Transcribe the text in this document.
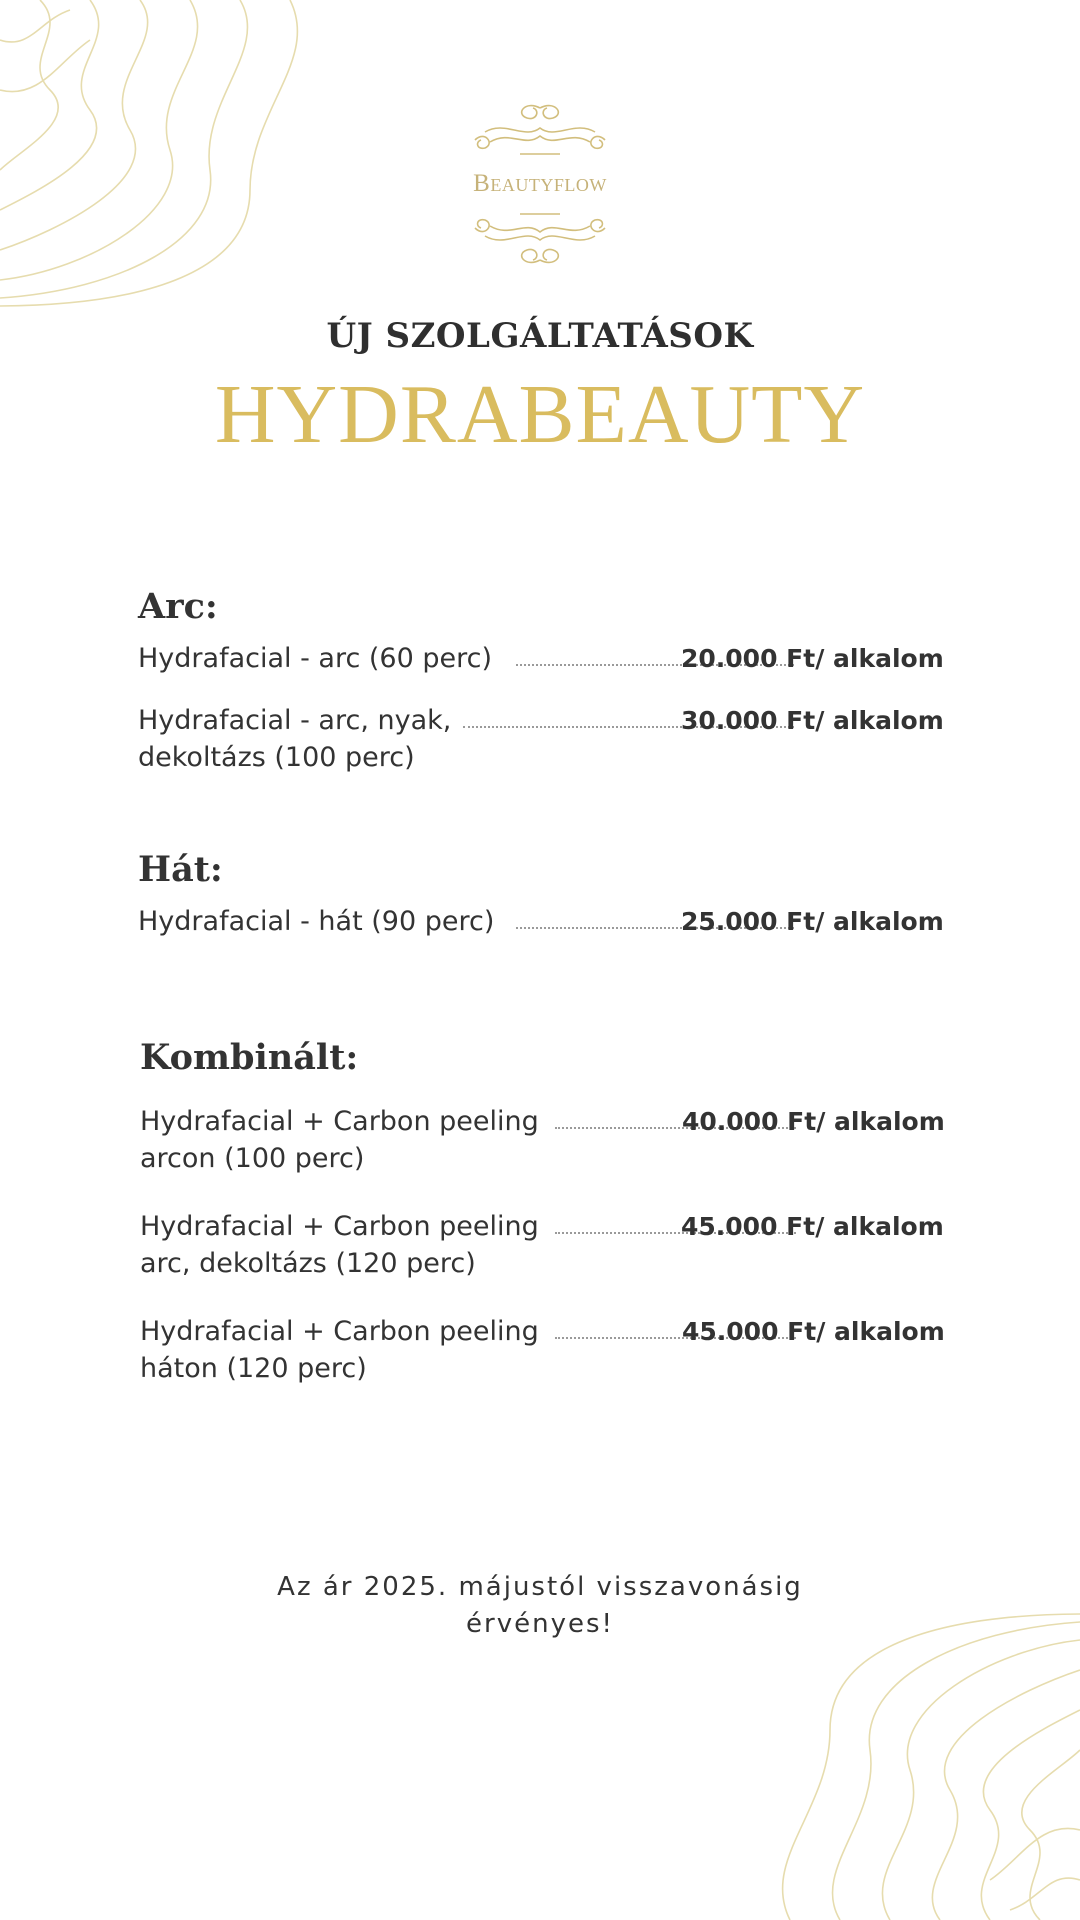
Beautyflow
ÚJ SZOLGÁLTATÁSOK
HYDRABEAUTY
Arc:
Hydrafacial - arc (60 perc)	20.000 Ft/ alkalom
Hydrafacial - arc, nyak,
dekoltázs (100 perc)
30.000 Ft/ alkalom
Hát:
Hydrafacial - hát (90 perc)	25.000 Ft/ alkalom
Kombinált:
Hydrafacial + Carbon peeling
arcon (100 perc)
40.000 Ft/ alkalom
Hydrafacial + Carbon peeling
arc, dekoltázs (120 perc)
45.000 Ft/ alkalom
Hydrafacial + Carbon peeling
háton (120 perc)
45.000 Ft/ alkalom
Az ár 2025. májustól visszavonásig
érvényes!
